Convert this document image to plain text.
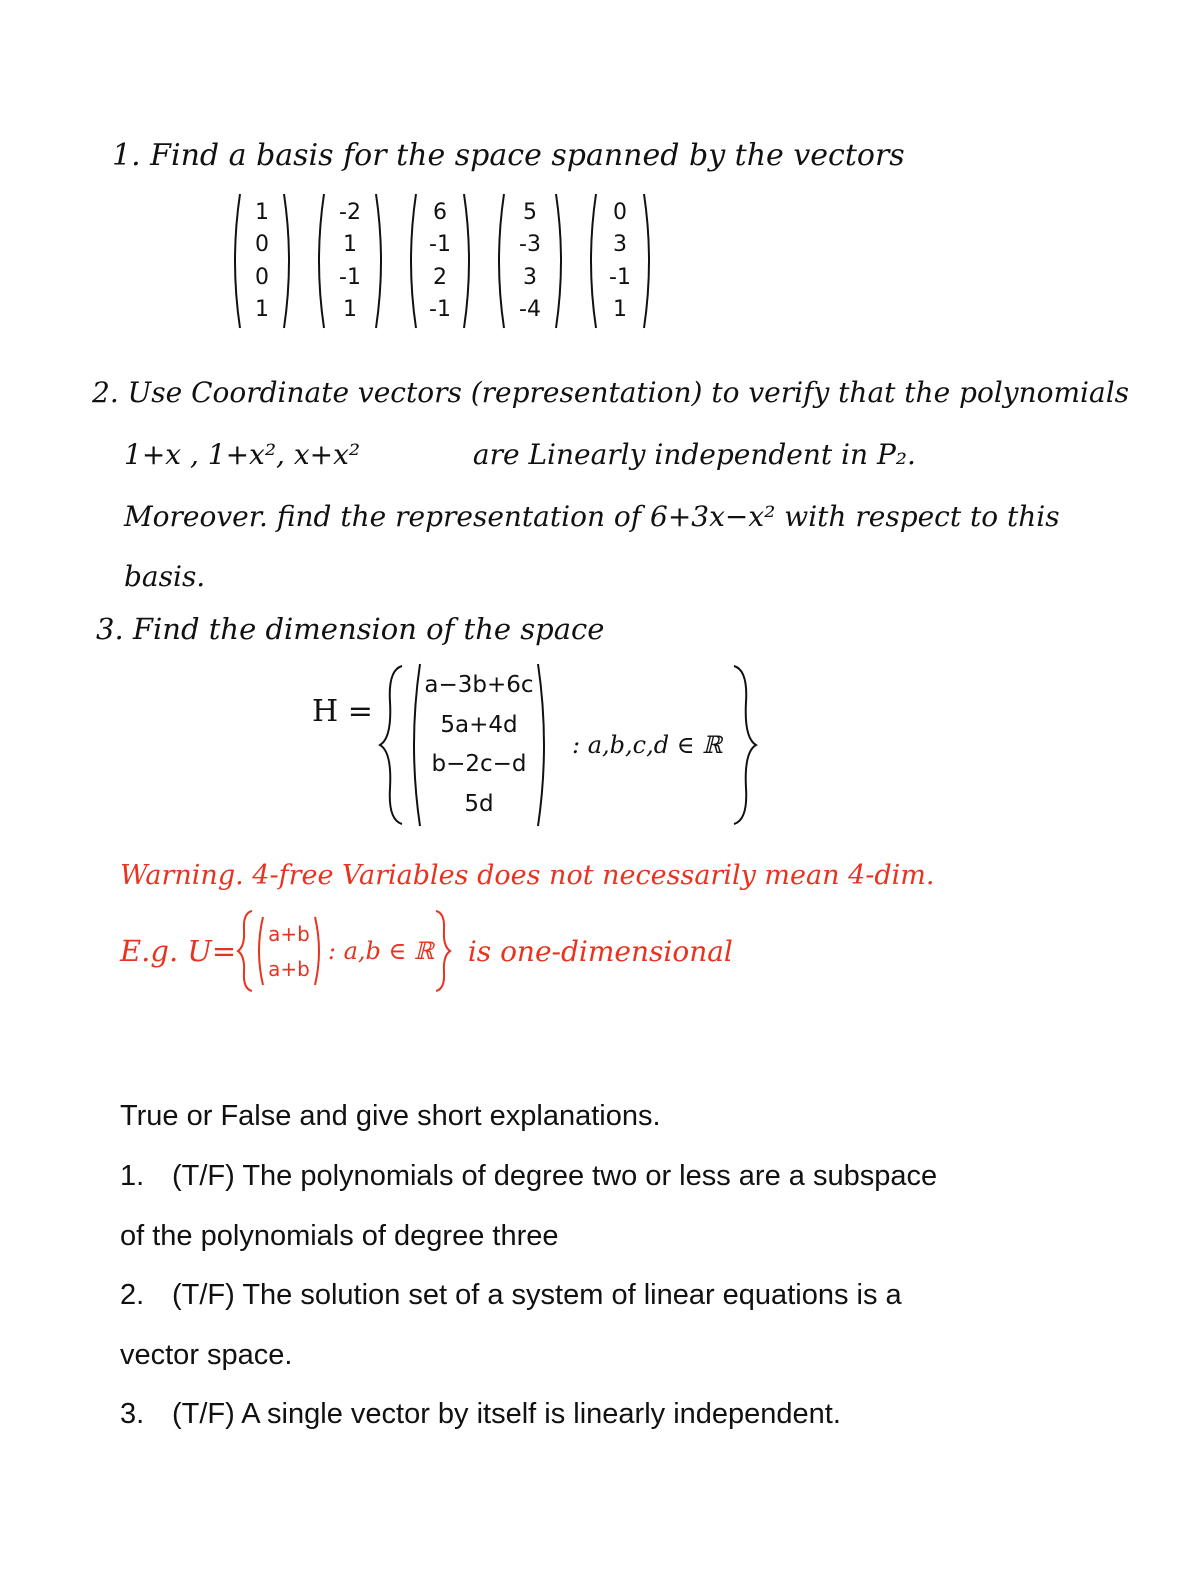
1. Find a basis for the space spanned by the vectors
1
0
0
1
-2
1
-1
1
6
-1
2
-1
5
-3
3
-4
0
3
-1
1
2. Use Coordinate vectors (representation) to verify that the polynomials
1+x , 1+x², x+x²	are Linearly independent in P₂.
Moreover. find the representation of 6+3x−x² with respect to this
basis.
3. Find the dimension of the space
H =
a−3b+6c
5a+4d
b−2c−d
5d
: a,b,c,d ∈ ℝ
Warning. 4-free Variables does not necessarily mean 4-dim.
E.g. U=
a+b
a+b
: a,b ∈ ℝ	is one-dimensional
True or False and give short explanations.
1. (T/F) The polynomials of degree two or less are a subspace
of the polynomials of degree three
2. (T/F) The solution set of a system of linear equations is a
vector space.
3. (T/F) A single vector by itself is linearly independent.
